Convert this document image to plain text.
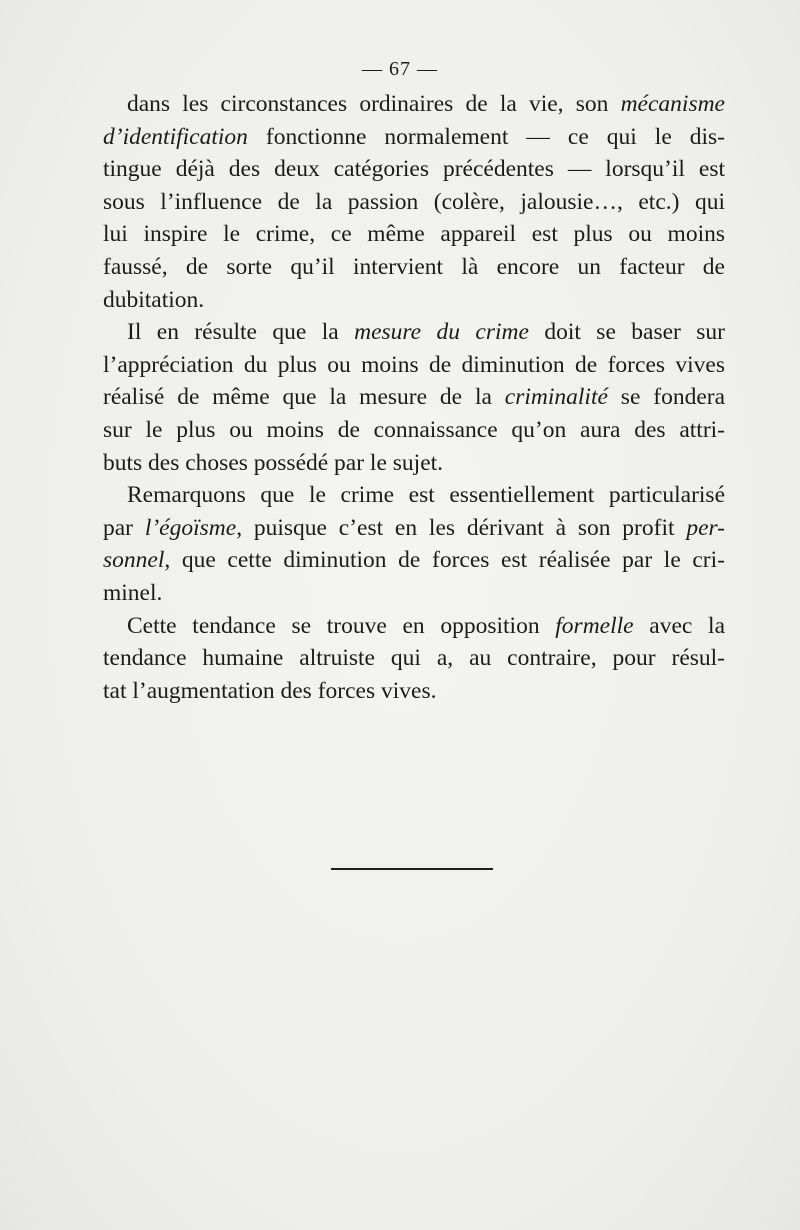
— 67 —

dans les circonstances ordinaires de la vie, son mécanisme
d’identification fonctionne normalement — ce qui le dis-
tingue déjà des deux catégories précédentes — lorsqu’il est
sous l’influence de la passion (colère, jalousie…, etc.) qui
lui inspire le crime, ce même appareil est plus ou moins
faussé, de sorte qu’il intervient là encore un facteur de
dubitation.

Il en résulte que la mesure du crime doit se baser sur
l’appréciation du plus ou moins de diminution de forces vives
réalisé de même que la mesure de la criminalité se fondera
sur le plus ou moins de connaissance qu’on aura des attri-
buts des choses possédé par le sujet.

Remarquons que le crime est essentiellement particularisé
par l’égoïsme, puisque c’est en les dérivant à son profit per-
sonnel, que cette diminution de forces est réalisée par le cri-
minel.

Cette tendance se trouve en opposition formelle avec la
tendance humaine altruiste qui a, au contraire, pour résul-
tat l’augmentation des forces vives.
